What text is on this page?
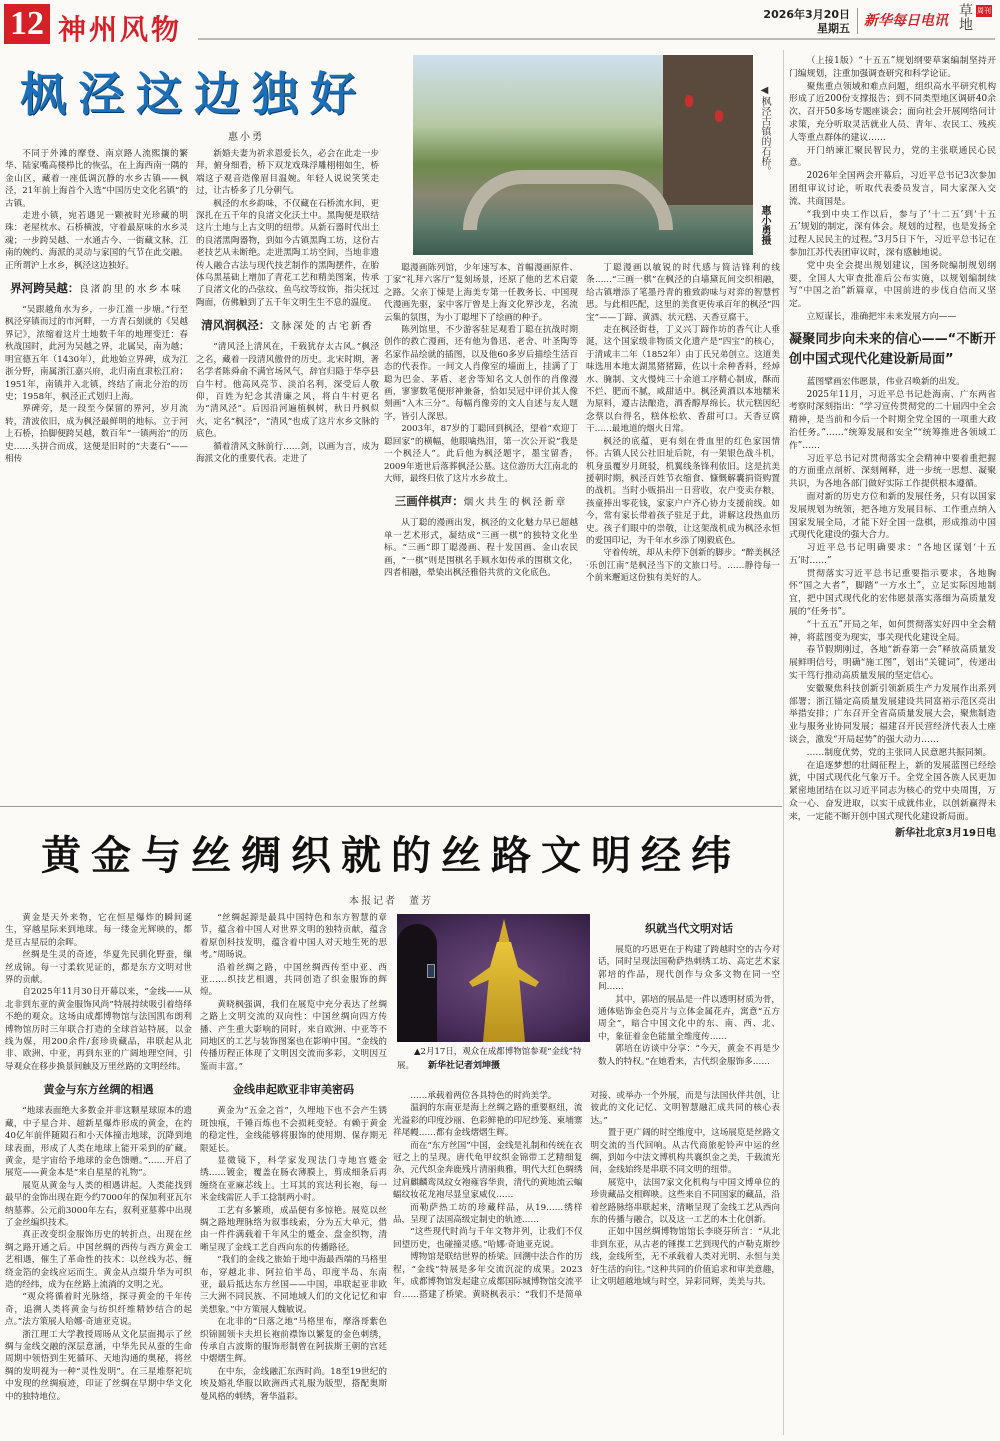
12 神州风物	2026年3月20日
星期五 新华每日电讯 草地 周刊
枫泾这边独好
惠小勇	◀枫泾古镇的石桥。
惠小勇摄
不同于外滩的摩登、南京路人流熙攘的繁华、陆家嘴高楼栉比的恢弘，在上海西南一隅的金山区，藏着一座低调沉静的水乡古镇——枫泾，21年前上海首个入选“中国历史文化名镇”的古镇。
走进小镇，宛若遇见一颗被时光珍藏的明珠：老屋枕水、石桥横波，守着最原味的水乡灵魂；一步跨吴越、一水通古今、一街藏文脉，江南的婉约、海派的灵动与家国的气节在此交融。正所谓沪上水乡，枫泾这边独好。
界河跨吴越：良渚韵里的水乡本味
“吴跟越角水为乡，一步江淮一步塘。”行至枫泾穿镇而过的市河畔，一方青石刻就的《吴越界记》，浓缩着这片土地数千年的地理变迁：春秋战国时，此河为吴越之界，北属吴，南为越；明宣德五年（1430年），此地始立界碑，成为江浙分野，南属浙江嘉兴府，北归南直隶松江府；1951年，南镇并入北镇，终结了南北分治的历史；1958年，枫泾正式划归上海。
界碑旁，是一段至今保留的界河，岁月流转，清波依旧，成为枫泾最鲜明的地标。立于河上石桥，抬脚便跨吴越，数百年“一镇两治”的历史……头拼合而成，这便是旧时的“夫妻石”——相传
新婚夫妻为祈求恩爱长久，必会在此走一步拜，俯身细看，桥下双龙戏珠浮雕栩栩如生，桥端这子观音造像眉目温婉。年轻人说说笑笑走过，让古桥多了几分朝气。
枫泾的水乡韵味，不仅藏在石桥流水间，更深扎在五千年的良渚文化沃土中。黑陶便是联结这片土地与上古文明的纽带。从新石器时代出土的良渚黑陶器物，到如今古镇黑陶工坊，这份古老技艺从未断绝。走进黑陶工坊空间，当地非遗传人融合古法与现代技艺制作的黑陶摆件，在胎体乌黑基础上增加了青花工艺和精美图案，传承了良渚文化的凸弦纹、鱼鸟纹等纹饰，指尖抚过陶面，仿佛触到了五千年文明生生不息的温度。
清风润枫泾：文脉深处的古宅新香
“清风泾上清风在，千载犹存太古风。”枫泾之名，藏着一段清风傲骨的历史。北宋时期，著名学者陈舜俞不满官场风气，辞官归隐于华亭县白牛村。他高风亮节、淡泊名利，深受后人敬仰，百姓为纪念其清廉之风，将白牛村更名为“清风泾”。后因沿河遍植枫树，秋日丹枫似火，定名“枫泾”，“清风”也成了这片水乡文脉的底色。
循着清风文脉前行……剑，以画为言，成为海派文化的重要代表。走进了
聪漫画陈列馆，少年速写本、首幅漫画原件、丁家“礼拜六客厅”复刻场景，还原了他的艺术启蒙之路。父亲丁悚是上海美专第一任教务长、中国现代漫画先驱，家中客厅曾是上海文化界沙龙，名流云集的氛围，为小丁聪埋下了绘画的种子。
陈列馆里，不少游客驻足观看丁聪在抗战时期创作的救亡漫画，还有他为鲁迅、老舍、叶圣陶等名家作品绘就的插图，以及他60多岁后描绘生活百态的代表作。一间文人肖像室的墙面上，挂满了丁聪为巴金、茅盾、老舍等知名文人创作的肖像漫画，寥寥数笔便形神兼备，恰如吴冠中评价其人像刻画“入木三分”。每幅肖像旁的文人自述与友人题字，皆引人深思。
2003年，87岁的丁聪回到枫泾，望着“欢迎丁聪回家”的横幅，他眼噙热泪，第一次公开说“我是一个枫泾人”。此后他为枫泾题字，墨宝留香，2009年逝世后落葬枫泾公墓。这位游历大江南北的大师，最终归依了这片水乡故土。
三画伴棋声：烟火共生的枫泾新章
从丁聪的漫画出发，枫泾的文化魅力早已超越单一艺术形式，凝结成“三画一棋”的独特文化坐标。“三画”即丁聪漫画、程十发国画、金山农民画，“一棋”则是围棋名手顾水如传承的围棋文化，四者相融，晕染出枫泾雅俗共赏的文化底色。
丁聪漫画以敏锐的时代感与简洁锋利的线条……“三画一棋”在枫泾的白墙黛瓦间交织相融，给古镇增添了笔墨丹青的雅致韵味与对弈的智慧哲思。与此相匹配，这里的美食更传承百年的枫泾“四宝”——丁蹄、黄酒、状元糕、天香豆腐干。
走在枫泾街巷，丁义兴丁蹄作坊的香气让人垂涎，这个国家级非物质文化遗产是“四宝”的核心，于清咸丰二年（1852年）由丁氏兄弟创立。这道美味选用本地太湖黑猪猪蹄，佐以十余种香料，经焯水、腌制、文火慢炖三十余道工序精心制成，酥而不烂、肥而不腻，咸甜适中。枫泾黄酒以本地糯米为原料，遵古法酿造，酒香醇厚绵长。状元糕因纪念蔡以台得名，糕体松软、香甜可口。天香豆腐干……最地道的烟火日常。
枫泾的底蕴，更有刻在骨血里的红色家国情怀。古镇人民公社旧址后院，有一架银色战斗机，机身虽覆岁月斑驳，机翼线条锋利依旧。这是抗美援朝时期，枫泾百姓节衣缩食、慷慨解囊捐资购置的战机。当时小贩捐出一日营收，农户变卖存粮，孩童捧出零花钱，家家户户齐心协力支援前线。如今，常有家长带着孩子驻足于此，讲解这段热血历史。孩子们眼中的崇敬，让这架战机成为枫泾永恒的爱国印记，为千年水乡添了刚毅底色。
守着传统，却从未停下创新的脚步。“醉美枫泾·乐创江南”是枫泾当下的文旅口号。……静待每一个前来邂逅这份独有美好的人。
（上接1版）“十五五”规划纲要草案编制坚持开门编规划，注重加强调查研究和科学论证。
聚焦重点领域和难点问题，组织高水平研究机构形成了近200份支撑报告；到不同类型地区调研40余次、召开50多场专题座谈会；面向社会开展网络问计求策，充分听取灵活就业人员、青年、农民工、残疾人等重点群体的建议……
开门纳谏汇聚民智民力，党的主张联通民心民意。
2026年全国两会开幕后，习近平总书记3次参加团组审议讨论，听取代表委员发言，同大家深入交流、共商国是。
“我到中央工作以后，参与了‘十二五’到‘十五五’规划的制定，深有体会。规划的过程，也是发扬全过程人民民主的过程。”3月5日下午，习近平总书记在参加江苏代表团审议时，深有感触地说。
党中央全会提出规划建议，国务院编制规划纲要，全国人大审查批准后公布实施，以规划编制续写“中国之治”新篇章，中国前进的步伐自信而又坚定。
立短谋长，准确把牢未来发展方向——
凝聚同步向未来的信心——“不断开创中国式现代化建设新局面”
蓝图擘画宏伟愿景，伟业召唤新的出发。
2025年11月，习近平总书记赴海南、广东两省考察时深刻指出：“学习宣传贯彻党的二十届四中全会精神，是当前和今后一个时期全党全国的一项重大政治任务。”……“统筹发展和安全”“统筹推进各领域工作”……
习近平总书记对贯彻落实全会精神中要着重把握的方面重点剖析、深刻阐释，进一步统一思想、凝聚共识，为各地各部门做好实际工作提供根本遵循。
面对新的历史方位和新的发展任务，只有以国家发展规划为统领，把各地方发展目标、工作重点纳入国家发展全局，才能下好全国一盘棋，形成推动中国式现代化建设的强大合力。
习近平总书记明确要求：“各地区谋划‘十五五’时……”
贯彻落实习近平总书记重要指示要求，各地胸怀“国之大者”，脚踏“一方水土”，立足实际因地制宜，把中国式现代化的宏伟愿景落实落细为高质量发展的“任务书”。
“十五五”开局之年，如何贯彻落实好四中全会精神，将蓝图变为现实，事关现代化建设全局。
春节假期刚过，各地“新春第一会”释放高质量发展鲜明信号，明确“施工图”，划出“关键词”，传递出实干笃行推动高质量发展的坚定信心。
安徽聚焦科技创新引领新质生产力发展作出系列部署；浙江锚定高质量发展建设共同富裕示范区亮出举措安排；广东召开全省高质量发展大会，聚焦制造业与服务业协同发展；福建召开民营经济代表人士座谈会，激发“开局起势”的强大动力……
……制度优势，党的主张同人民意愿共振同频。
在追逐梦想的壮阔征程上，新的发展蓝图已经绘就，中国式现代化气象万千。全党全国各族人民更加紧密地团结在以习近平同志为核心的党中央周围，万众一心、奋发进取，以实干成就伟业，以创新赢得未来，一定能不断开创中国式现代化建设新局面。
新华社北京3月19日电
黄金与丝绸织就的丝路文明经纬
本报记者　董芳
黄金是天外来物，它在恒星爆炸的瞬间诞生，穿越星际来到地球。每一缕金光辉映的，都是亘古星辰的余晖。
丝绸是生灵的奇迹，华夏先民驯化野蚕，缫丝成锦。每一寸柔软见证的，都是东方文明对世界的贡献。
自2025年11月30日开幕以来，“金线——从北非到东亚的黄金服饰风尚”特展持续吸引着络绎不绝的观众。这场由成都博物馆与法国凯布朗利博物馆历时三年联合打造的全球首站特展，以金线为媒，用200余件/套珍贵藏品，串联起从北非、欧洲、中亚，再到东亚的广阔地理空间，引导观众在移步换景间触及万里丝路的文明经纬。
黄金与东方丝绸的相遇
“地球表面绝大多数金并非这颗星球原本的遗藏，中子星合并、超新星爆炸形成的黄金，在约40亿年前伴随陨石和小天体撞击地球，沉降到地球表面，形成了人类在地球上能开采到的矿藏。黄金，是宇宙给予地球的金色馈赠。”……开启了展览——黄金本是“来自星星的礼物”。
展览从黄金与人类的相遇讲起。人类能找到最早的金饰出现在距今约7000年的保加利亚瓦尔纳墓葬。公元前3000年左右，叙利亚墓葬中出现了金丝编织技术。
真正改变织金服饰历史的转折点，出现在丝绸之路开通之后。中国丝绸的西传与西方黄金工艺相遇，催生了革命性的技术：以丝线为芯、缠绕金箔的金线应运而生。黄金从点缀升华为可织造的经纬，成为在丝路上流淌的文明之光。
“观众将循着时光脉络，探寻黄金的千年传奇，追溯人类将黄金与纺织纤维精妙结合的起点。”法方策展人哈娜·奇迪亚克说。
浙江理工大学教授周旸从文化层面揭示了丝绸与金线交融的深层意涵，中华先民从蚕的生命周期中领悟到生死循环、天地沟通的奥秘，将丝绸的发明视为一种“灵性发明”。在三星堆祭祀坑中发现的丝绸痕迹，印证了丝绸在早期中华文化中的独特地位。
“丝绸起源是最具中国特色和东方智慧的章节，蕴含着中国人对世界文明的独特贡献，蕴含着原创科技发明，蕴含着中国人对天地生死的思考。”周旸说。
沿着丝绸之路，中国丝绸西传至中亚、西亚……织技艺相遇，共同创造了织金服饰的辉煌。
黄晓枫强调，我们在展览中充分表达了丝绸之路上文明交流的双向性：中国丝绸向四方传播、产生重大影响的同时，来自欧洲、中亚等不同地区的工艺与装饰图案也在影响中国。“金线的传播历程正体现了文明因交流而多彩，文明因互鉴而丰富。”
金线串起欧亚非审美密码
黄金为“五金之首”，久埋地下也不会产生锈斑蚀痕，千锤百炼也不会损耗变轻。有赖于黄金的稳定性，金线能够将服饰的使用期、保存期无限延长。
显微镜下，科学家发现法门寺地宫蹙金绣……镀金，覆盖在肠衣薄膜上，剪成细条后再缠绕在亚麻芯线上。土耳其的宾达利长袍，每一米金线需匠人手工捻制两小时。
工艺有多繁琐，成品便有多惊艳。展览以丝绸之路地理脉络为叙事线索，分为五大单元，借由一件件满载着千年风尘的蹙金、盘金织物，清晰呈现了金线工艺自西向东的传播路径。
“我们的金线之旅始于地中海最西端的马格里布，穿越北非、阿拉伯半岛、印度半岛、东南亚，最后抵达东方丝国——中国，串联起亚非欧三大洲不同民族、不同地域人们的文化记忆和审美想象。”中方策展人魏敏说。
在北非的“日落之地”马格里布，摩洛哥紫色织锦圆领卡夫坦长袍前襟饰以繁复的金色刺绣，传承自古波斯的服饰形制曾在阿拔斯王朝的宫廷中熠熠生辉。
在中东，金线融汇东西时尚。18至19世纪的埃及婚礼华服以欧洲西式礼服为版型，搭配奥斯曼风格的刺绣，奢华溢彩。
▲2月17日，观众在成都博物馆参观“金线”特展。 新华社记者刘坤摄
织就当代文明对话
展览的巧思更在于构建了跨越时空的古今对话，同时呈现法国勒萨热刺绣工坊、高定艺术家郭培的作品，现代创作与众多文物在同一空间……
其中，郭培的展品是一件以透明材质为骨，通体贴饰金色亮片与立体金属花卉，寓意“五方周全”，暗合中国文化中的东、南、西、北、中，象征着金色能量全维度传……
郭培在访谈中分享：“今天，黄金不再是少数人的特权。”在她看来，古代织金服饰多……
……承载着两位各具特色的时尚美学。
温润的东南亚是海上丝绸之路的重要枢纽，流光溢彩的印度沙丽、色彩鲜艳的印尼纱笼、柬埔寨祥尾幔……都有金线熠熠生辉。
而在“东方丝国”中国，金线是礼制和传统在衣冠之上的呈现。唐代龟甲纹织金锦带工艺精细复杂，元代织金奔鹿残片清丽典雅，明代大红色绸绣过肩麒麟鸾凤纹女袍雍容华贵，清代的黄地流云蝙蝠纹妆花龙袍尽显皇家威仪……
而勒萨热工坊的珍藏样品，从19……绣样品，呈现了法国高级定制史的轨迹……
“这些现代时尚与千年文物并列，让我们不仅回望历史，也碰撞灵感。”哈娜·奇迪亚克说。
博物馆是联结世界的桥梁。回溯中法合作的历程，“金线”特展是多年交流沉淀的成果。2023年，成都博物馆发起建立成都国际城博物馆交流平台……搭建了桥梁。黄晓枫表示：“我们不是简单对接、或举办一个外展，而是与法国伙伴共创，让彼此的文化记忆、文明智慧融汇成共同的核心表达。”
置于更广阔的时空维度中，这场展览是丝路文明交流的当代回响。从古代商旅驼铃声中运的丝绸，到如今中法文博机构共襄织金之美，千载流光间，金线始终是串联不同文明的纽带。
展览中，法国7家文化机构与中国文博单位的珍贵藏品交相辉映。这些来自不同国家的藏品，沿着丝路脉络串联起来，清晰呈现了金线工艺从西向东的传播与融合，以及这一工艺的本土化创新。
正如中国丝绸博物馆馆长李晓芬所言：“从北非到东亚，从古老的锤揲工艺到现代的卢勒克斯纱线，金线所至，无不承载着人类对光明、永恒与美好生活的向往。”这种共同的价值追求和审美意趣，让文明超越地域与时空，异彩同辉，美美与共。
